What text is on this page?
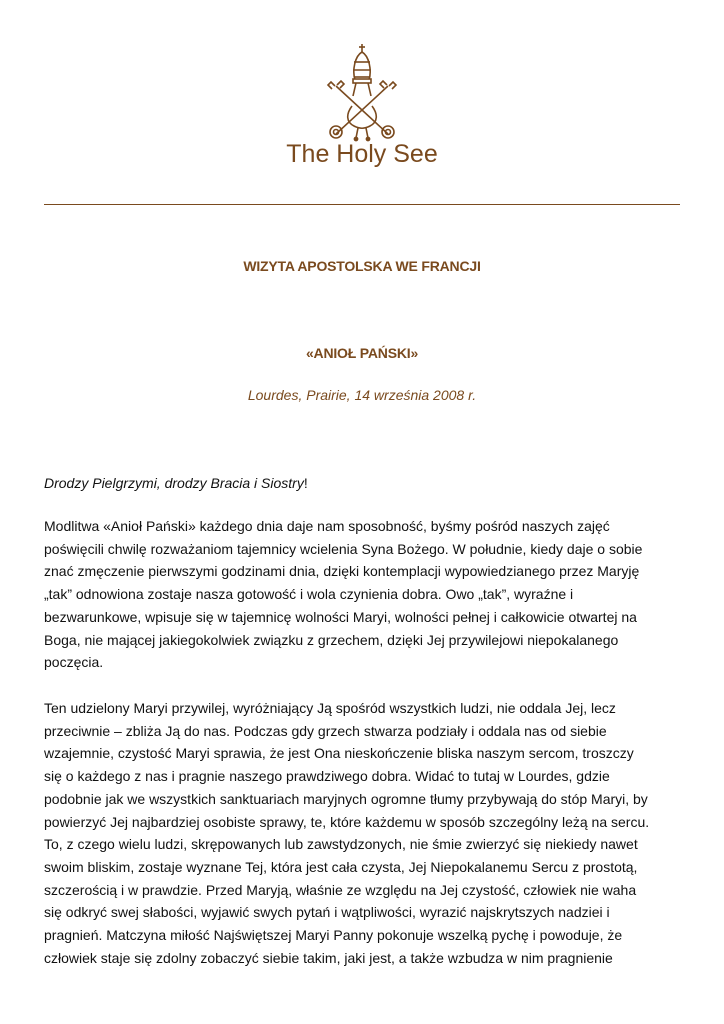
The Holy See
WIZYTA APOSTOLSKA WE FRANCJI
«ANIOŁ PAŃSKI»
Lourdes, Prairie, 14 września 2008 r.
Drodzy Pielgrzymi, drodzy Bracia i Siostry!
Modlitwa «Anioł Pański» każdego dnia daje nam sposobność, byśmy pośród naszych zajęć
poświęcili chwilę rozważaniom tajemnicy wcielenia Syna Bożego. W południe, kiedy daje o sobie
znać zmęczenie pierwszymi godzinami dnia, dzięki kontemplacji wypowiedzianego przez Maryję
„tak” odnowiona zostaje nasza gotowość i wola czynienia dobra. Owo „tak”, wyraźne i
bezwarunkowe, wpisuje się w tajemnicę wolności Maryi, wolności pełnej i całkowicie otwartej na
Boga, nie mającej jakiegokolwiek związku z grzechem, dzięki Jej przywilejowi niepokalanego
poczęcia.
Ten udzielony Maryi przywilej, wyróżniający Ją spośród wszystkich ludzi, nie oddala Jej, lecz
przeciwnie – zbliża Ją do nas. Podczas gdy grzech stwarza podziały i oddala nas od siebie
wzajemnie, czystość Maryi sprawia, że jest Ona nieskończenie bliska naszym sercom, troszczy
się o każdego z nas i pragnie naszego prawdziwego dobra. Widać to tutaj w Lourdes, gdzie
podobnie jak we wszystkich sanktuariach maryjnych ogromne tłumy przybywają do stóp Maryi, by
powierzyć Jej najbardziej osobiste sprawy, te, które każdemu w sposób szczególny leżą na sercu.
To, z czego wielu ludzi, skrępowanych lub zawstydzonych, nie śmie zwierzyć się niekiedy nawet
swoim bliskim, zostaje wyznane Tej, która jest cała czysta, Jej Niepokalanemu Sercu z prostotą,
szczerością i w prawdzie. Przed Maryją, właśnie ze względu na Jej czystość, człowiek nie waha
się odkryć swej słabości, wyjawić swych pytań i wątpliwości, wyrazić najskrytszych nadziei i
pragnień. Matczyna miłość Najświętszej Maryi Panny pokonuje wszelką pychę i powoduje, że
człowiek staje się zdolny zobaczyć siebie takim, jaki jest, a także wzbudza w nim pragnienie
